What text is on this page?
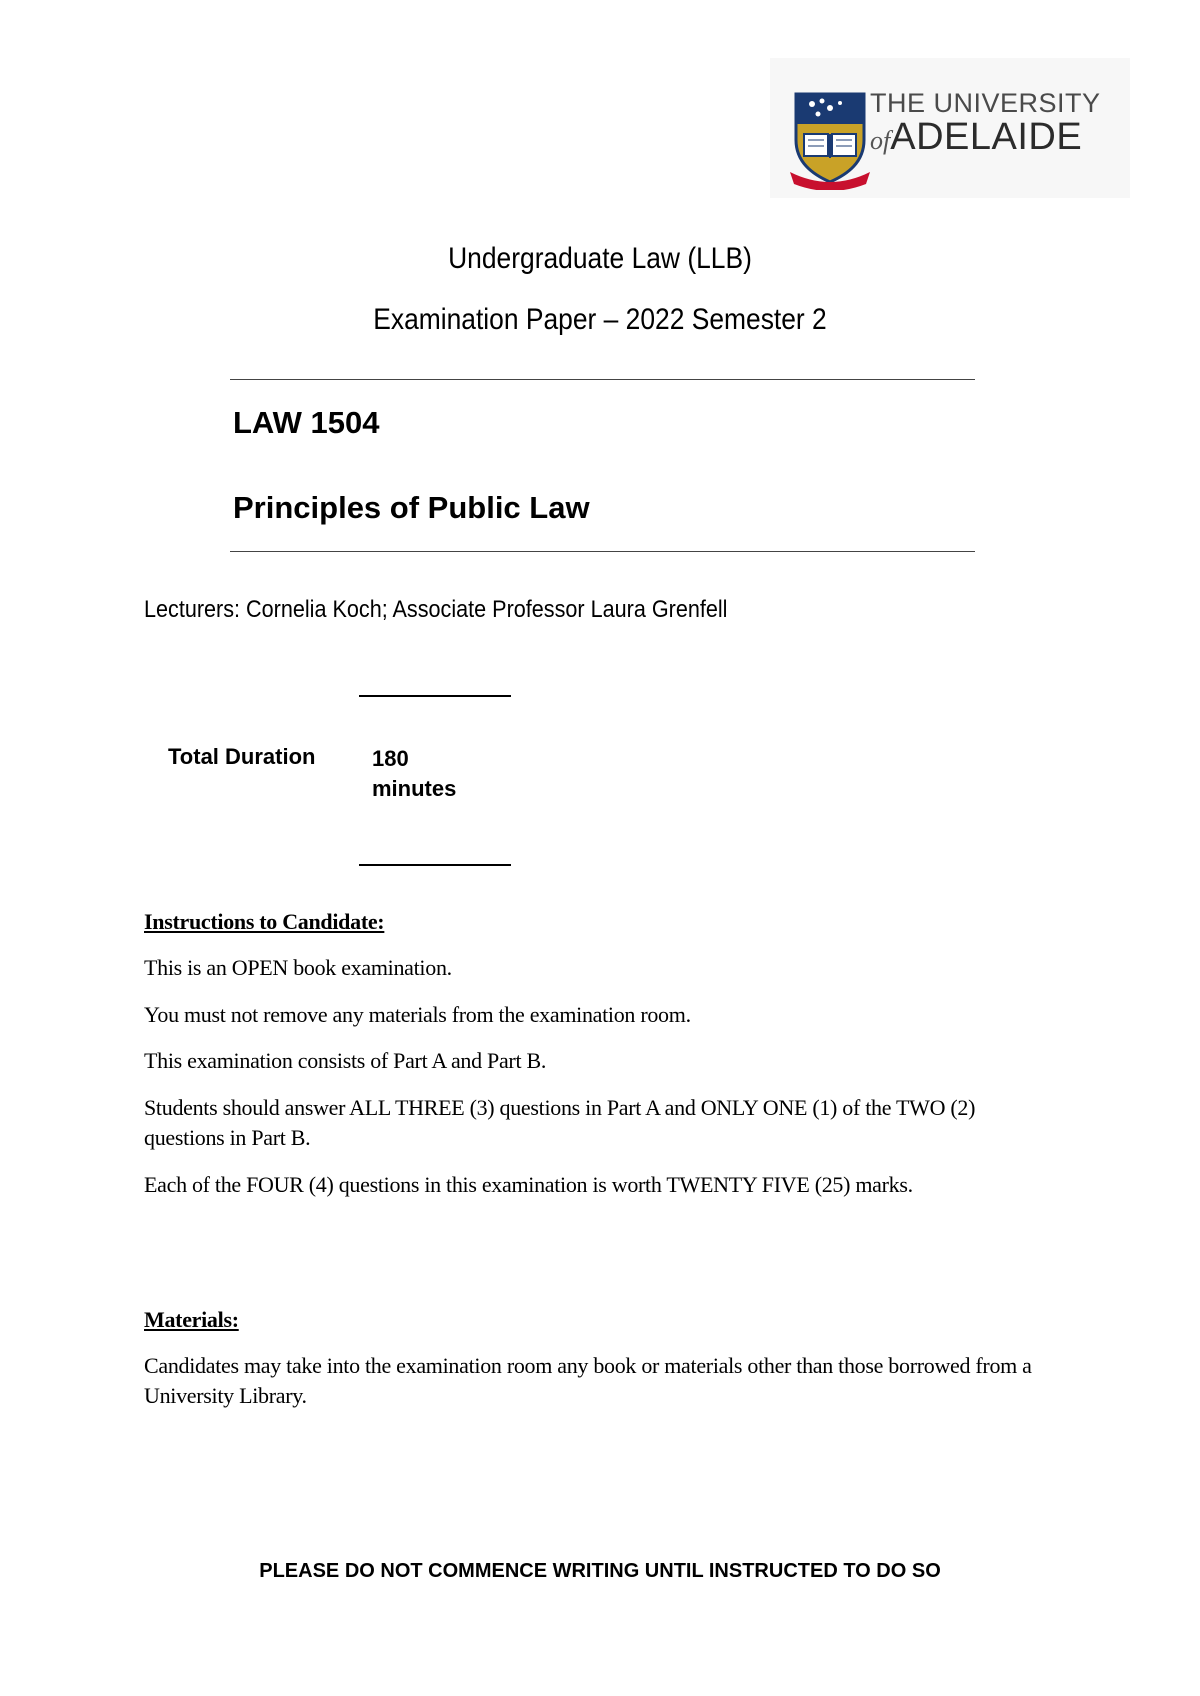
THE UNIVERSITY
ofADELAIDE
Undergraduate Law (LLB)
Examination Paper – 2022 Semester 2
LAW 1504
Principles of Public Law
Lecturers: Cornelia Koch; Associate Professor Laura Grenfell
Total Duration	180 minutes
Instructions to Candidate:
This is an OPEN book examination.
You must not remove any materials from the examination room.
This examination consists of Part A and Part B.
Students should answer ALL THREE (3) questions in Part A and ONLY ONE (1) of the TWO (2) questions in Part B.
Each of the FOUR (4) questions in this examination is worth TWENTY FIVE (25) marks.
Materials:
Candidates may take into the examination room any book or materials other than those borrowed from a University Library.
PLEASE DO NOT COMMENCE WRITING UNTIL INSTRUCTED TO DO SO
